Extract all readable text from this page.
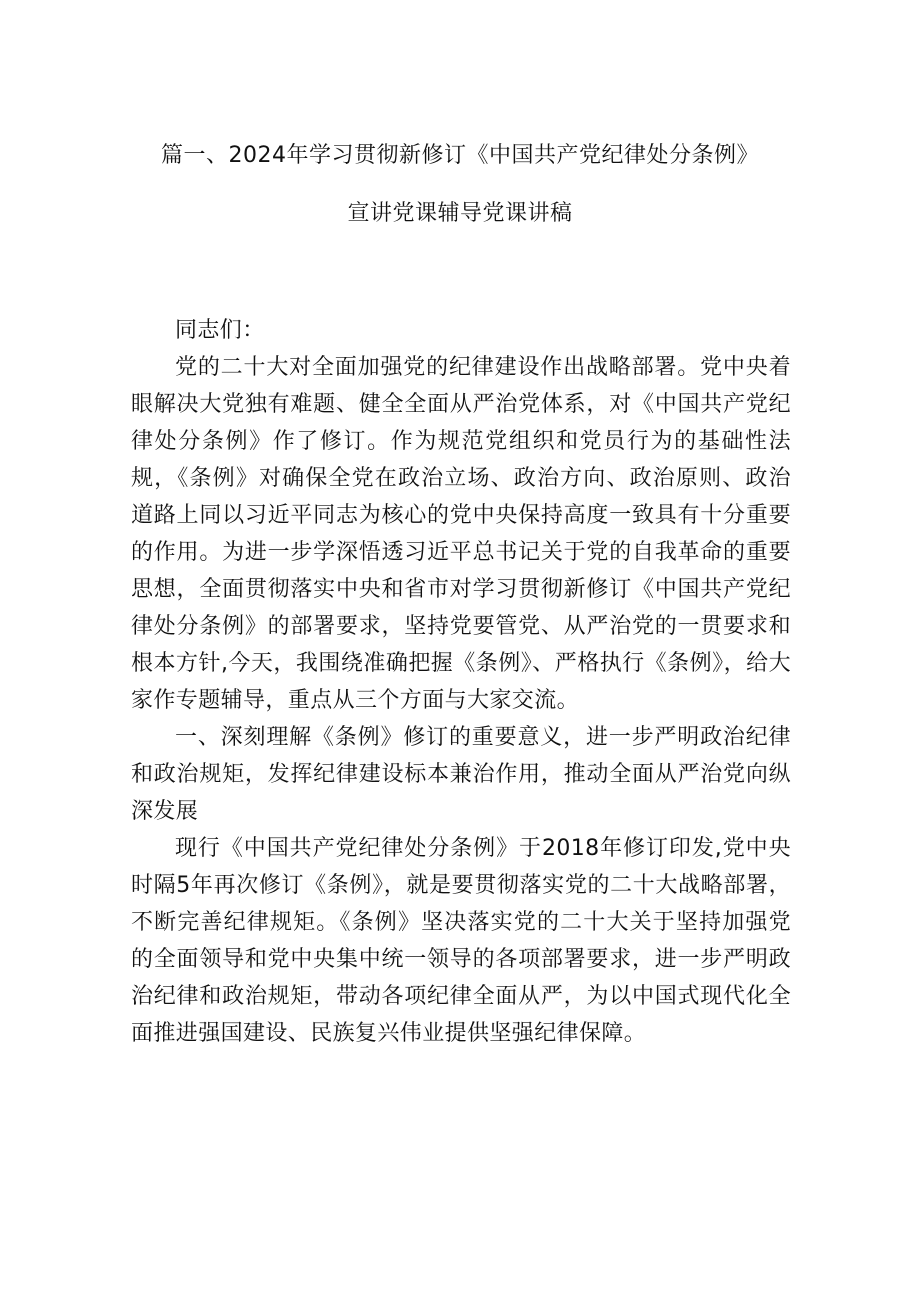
篇一、2024年学习贯彻新修订《中国共产党纪律处分条例》
宣讲党课辅导党课讲稿

同志们：

党的二十大对全面加强党的纪律建设作出战略部署。党中央着眼解决大党独有难题、健全全面从严治党体系，对《中国共产党纪律处分条例》作了修订。作为规范党组织和党员行为的基础性法规，《条例》对确保全党在政治立场、政治方向、政治原则、政治道路上同以习近平同志为核心的党中央保持高度一致具有十分重要的作用。为进一步学深悟透习近平总书记关于党的自我革命的重要思想，全面贯彻落实中央和省市对学习贯彻新修订《中国共产党纪律处分条例》的部署要求，坚持党要管党、从严治党的一贯要求和根本方针,今天，我围绕准确把握《条例》、严格执行《条例》，给大家作专题辅导，重点从三个方面与大家交流。

一、深刻理解《条例》修订的重要意义，进一步严明政治纪律和政治规矩，发挥纪律建设标本兼治作用，推动全面从严治党向纵深发展

现行《中国共产党纪律处分条例》于2018年修订印发,党中央时隔5年再次修订《条例》，就是要贯彻落实党的二十大战略部署，不断完善纪律规矩。《条例》坚决落实党的二十大关于坚持加强党的全面领导和党中央集中统一领导的各项部署要求，进一步严明政治纪律和政治规矩，带动各项纪律全面从严，为以中国式现代化全面推进强国建设、民族复兴伟业提供坚强纪律保障。
